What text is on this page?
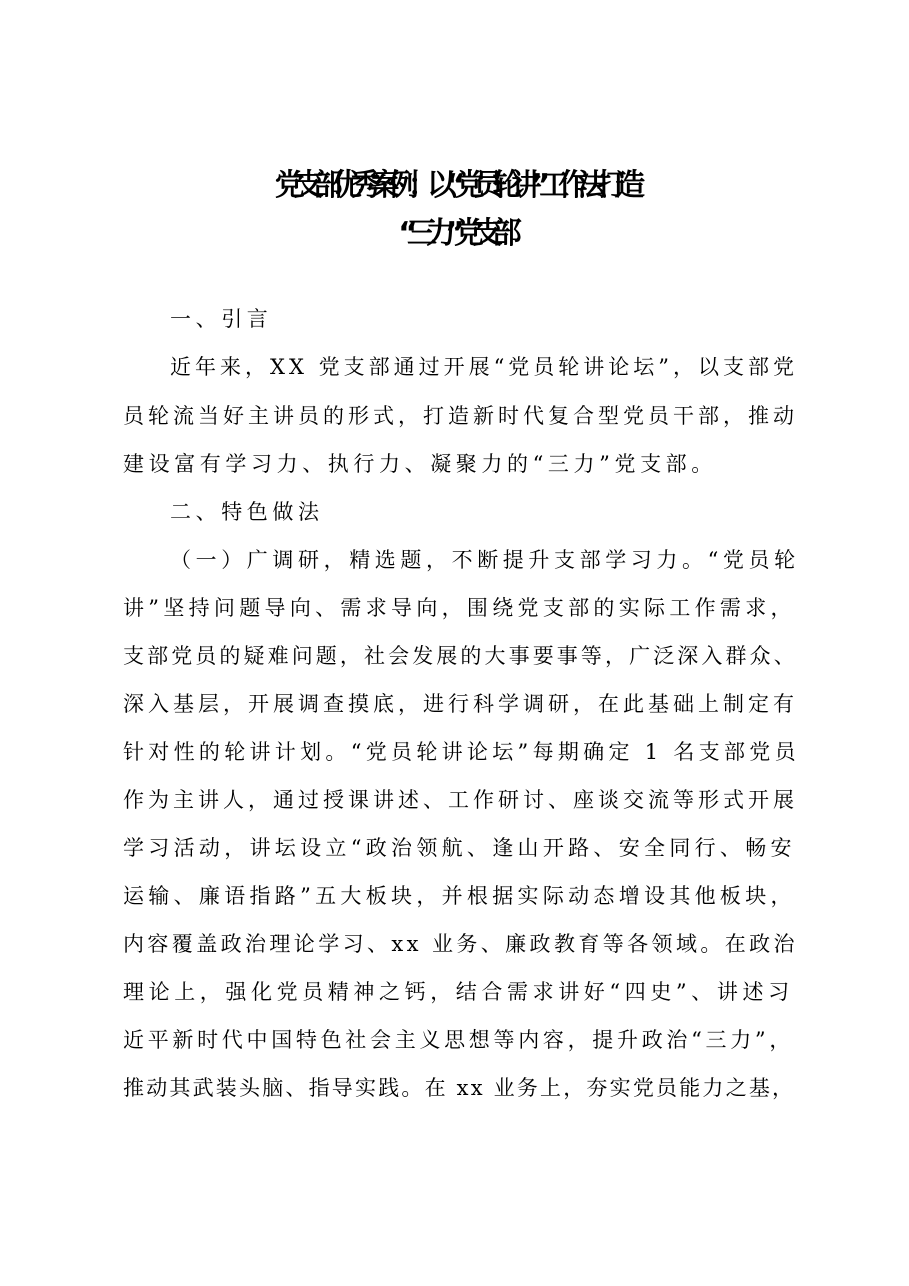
党支部优秀案例：以“党员轮讲”工作法打造
“三力”党支部
一、引言
近年来，XX 党支部通过开展“党员轮讲论坛”，以支部党
员轮流当好主讲员的形式，打造新时代复合型党员干部，推动
建设富有学习力、执行力、凝聚力的“三力”党支部。
二、特色做法
（一）广调研，精选题，不断提升支部学习力。“党员轮
讲”坚持问题导向、需求导向，围绕党支部的实际工作需求，
支部党员的疑难问题，社会发展的大事要事等，广泛深入群众、
深入基层，开展调查摸底，进行科学调研，在此基础上制定有
针对性的轮讲计划。“党员轮讲论坛”每期确定 1 名支部党员
作为主讲人，通过授课讲述、工作研讨、座谈交流等形式开展
学习活动，讲坛设立“政治领航、逢山开路、安全同行、畅安
运输、廉语指路”五大板块，并根据实际动态增设其他板块，
内容覆盖政治理论学习、xx 业务、廉政教育等各领域。在政治
理论上，强化党员精神之钙，结合需求讲好“四史”、讲述习
近平新时代中国特色社会主义思想等内容，提升政治“三力”，
推动其武装头脑、指导实践。在 xx 业务上，夯实党员能力之基，
